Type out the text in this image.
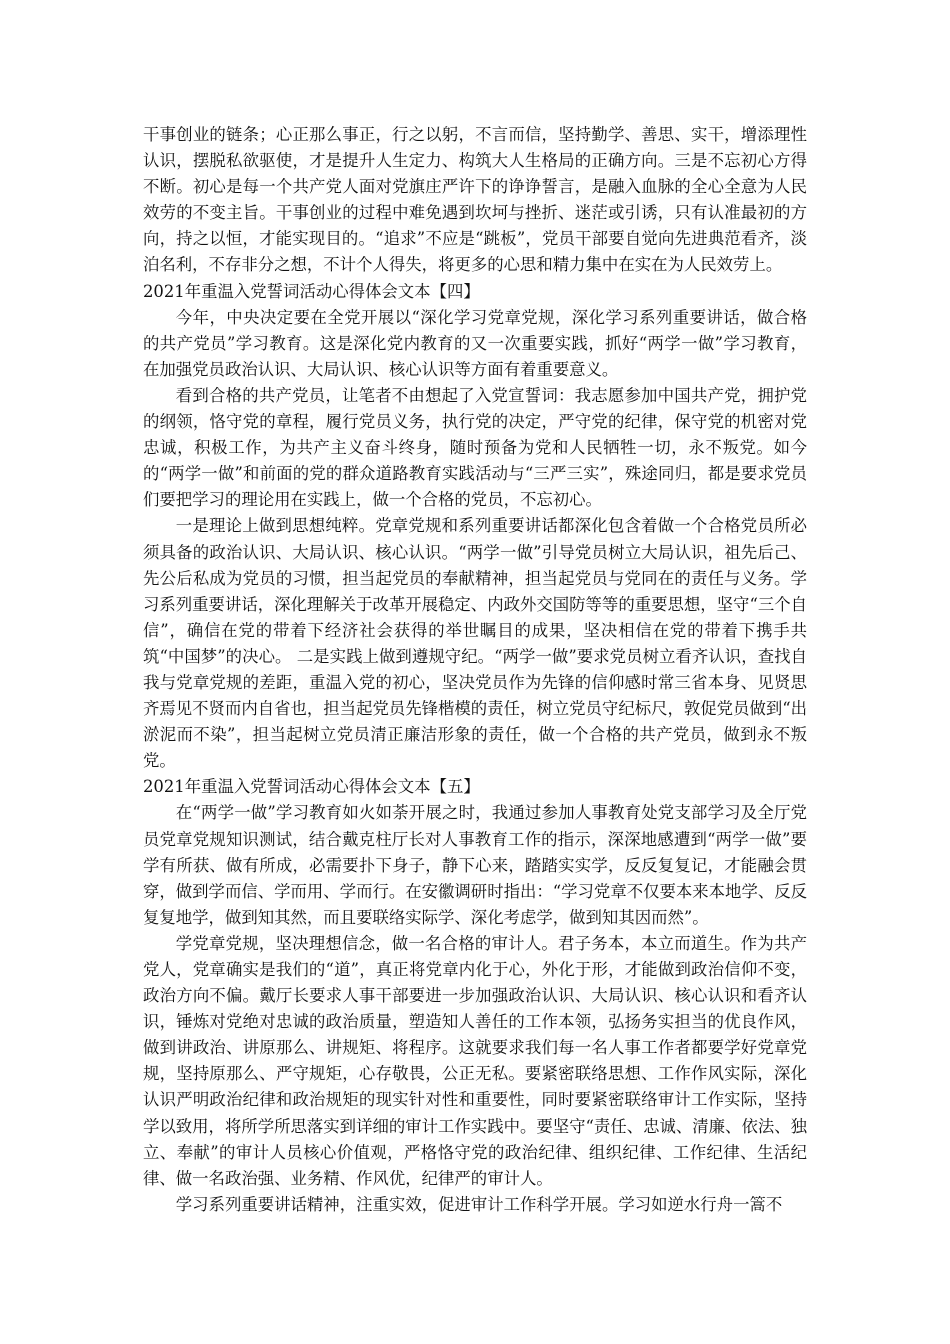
干事创业的链条；心正那么事正，行之以躬，不言而信，坚持勤学、善思、实干，增添理性认识，摆脱私欲驱使，才是提升人生定力、构筑大人生格局的正确方向。三是不忘初心方得不断。初心是每一个共产党人面对党旗庄严许下的诤诤誓言，是融入血脉的全心全意为人民效劳的不变主旨。干事创业的过程中难免遇到坎坷与挫折、迷茫或引诱，只有认准最初的方向，持之以恒，才能实现目的。“追求”不应是“跳板”，党员干部要自觉向先进典范看齐，淡泊名利，不存非分之想，不计个人得失，将更多的心思和精力集中在实在为人民效劳上。

2021年重温入党誓词活动心得体会文本【四】

今年，中央决定要在全党开展以“深化学习党章党规，深化学习系列重要讲话，做合格的共产党员”学习教育。这是深化党内教育的又一次重要实践，抓好“两学一做”学习教育，在加强党员政治认识、大局认识、核心认识等方面有着重要意义。

看到合格的共产党员，让笔者不由想起了入党宣誓词：我志愿参加中国共产党，拥护党的纲领，恪守党的章程，履行党员义务，执行党的决定，严守党的纪律，保守党的机密对党忠诚，积极工作，为共产主义奋斗终身，随时预备为党和人民牺牲一切，永不叛党。如今的“两学一做”和前面的党的群众道路教育实践活动与“三严三实”，殊途同归，都是要求党员们要把学习的理论用在实践上，做一个合格的党员，不忘初心。

一是理论上做到思想纯粹。党章党规和系列重要讲话都深化包含着做一个合格党员所必须具备的政治认识、大局认识、核心认识。“两学一做”引导党员树立大局认识，祖先后己、先公后私成为党员的习惯，担当起党员的奉献精神，担当起党员与党同在的责任与义务。学习系列重要讲话，深化理解关于改革开展稳定、内政外交国防等等的重要思想，坚守“三个自信”，确信在党的带着下经济社会获得的举世瞩目的成果，坚决相信在党的带着下携手共筑“中国梦”的决心。 二是实践上做到遵规守纪。“两学一做”要求党员树立看齐认识，查找自我与党章党规的差距，重温入党的初心，坚决党员作为先锋的信仰感时常三省本身、见贤思齐焉见不贤而内自省也，担当起党员先锋楷模的责任，树立党员守纪标尺，敦促党员做到“出淤泥而不染”，担当起树立党员清正廉洁形象的责任，做一个合格的共产党员，做到永不叛党。

2021年重温入党誓词活动心得体会文本【五】

在“两学一做”学习教育如火如荼开展之时，我通过参加人事教育处党支部学习及全厅党员党章党规知识测试，结合戴克柱厅长对人事教育工作的指示，深深地感遭到“两学一做”要学有所获、做有所成，必需要扑下身子，静下心来，踏踏实实学，反反复复记，才能融会贯穿，做到学而信、学而用、学而行。在安徽调研时指出：“学习党章不仅要本来本地学、反反复复地学，做到知其然，而且要联络实际学、深化考虑学，做到知其因而然”。

学党章党规，坚决理想信念，做一名合格的审计人。君子务本，本立而道生。作为共产党人，党章确实是我们的“道”，真正将党章内化于心，外化于形，才能做到政治信仰不变，政治方向不偏。戴厅长要求人事干部要进一步加强政治认识、大局认识、核心认识和看齐认识，锤炼对党绝对忠诚的政治质量，塑造知人善任的工作本领，弘扬务实担当的优良作风，做到讲政治、讲原那么、讲规矩、将程序。这就要求我们每一名人事工作者都要学好党章党规，坚持原那么、严守规矩，心存敬畏，公正无私。要紧密联络思想、工作作风实际，深化认识严明政治纪律和政治规矩的现实针对性和重要性，同时要紧密联络审计工作实际，坚持学以致用，将所学所思落实到详细的审计工作实践中。要坚守“责任、忠诚、清廉、依法、独立、奉献”的审计人员核心价值观，严格恪守党的政治纪律、组织纪律、工作纪律、生活纪律、做一名政治强、业务精、作风优，纪律严的审计人。

学习系列重要讲话精神，注重实效，促进审计工作科学开展。学习如逆水行舟一篙不
